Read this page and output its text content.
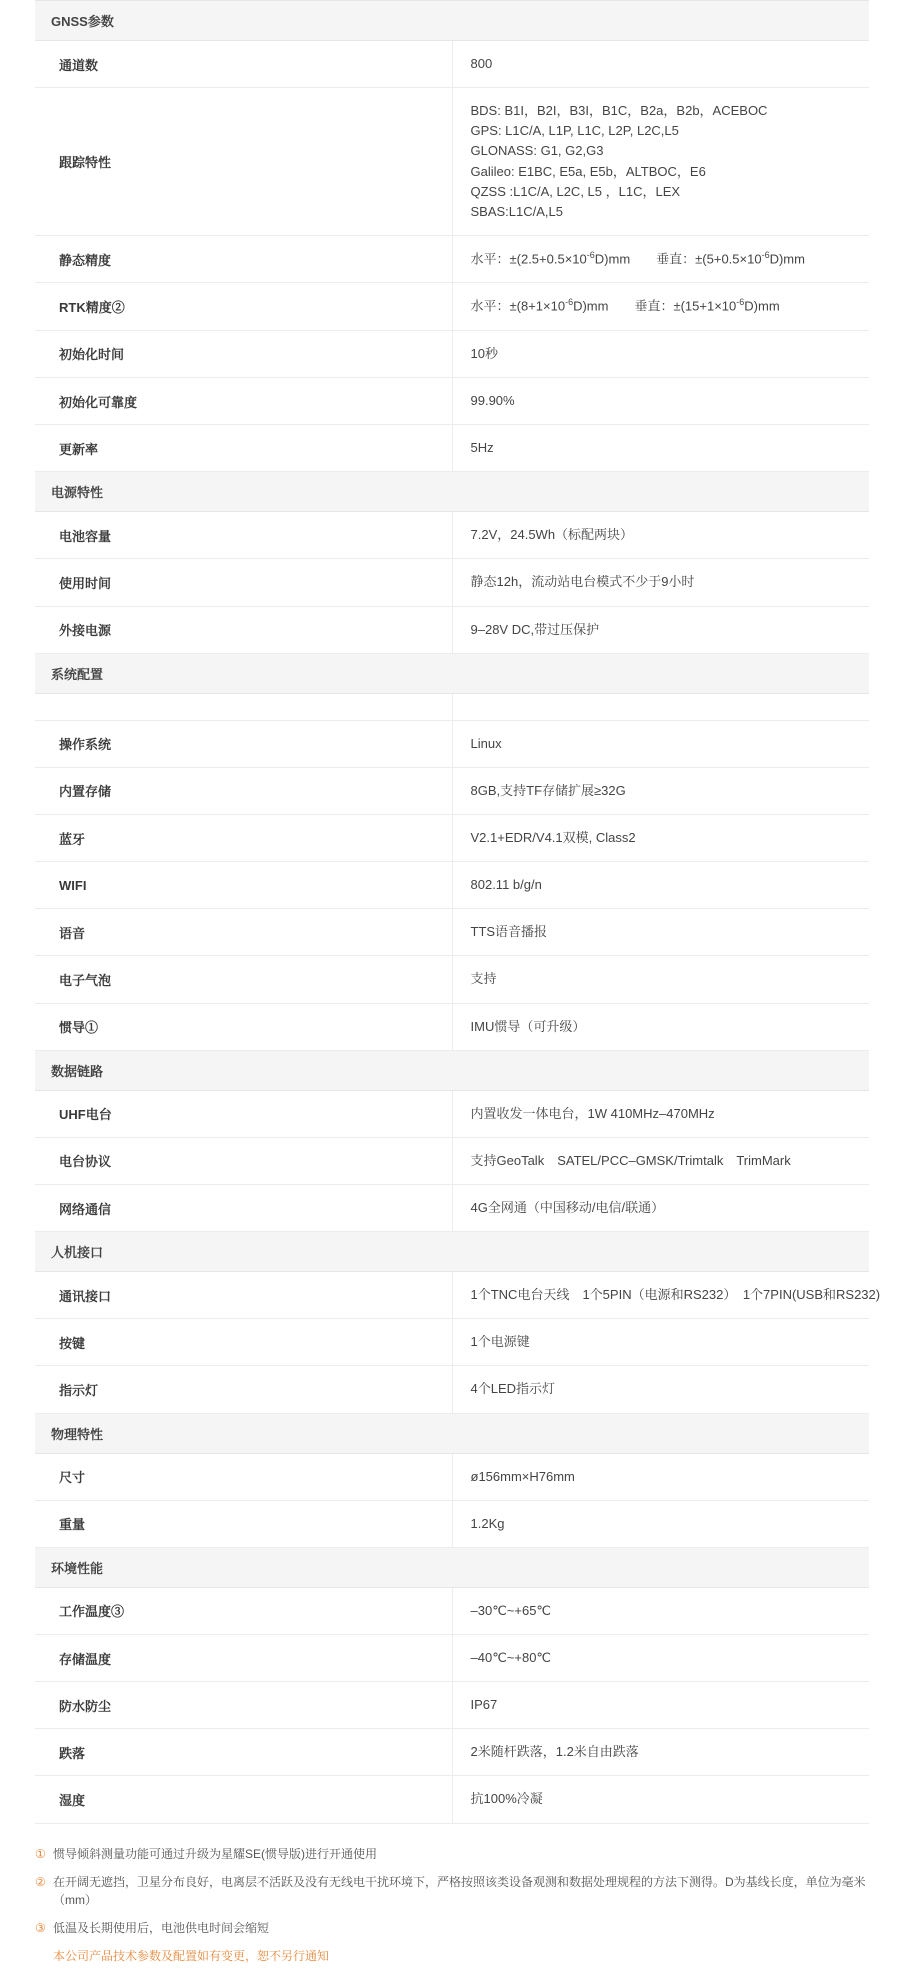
GNSS参数	
通道数	800

跟踪特性	
BDS: B1I，B2I，B3I，B1C，B2a，B2b，ACEBOC
GPS: L1C/A, L1P, L1C, L2P, L2C,L5
GLONASS: G1, G2,G3
Galileo: E1BC, E5a, E5b，ALTBOC，E6
QZSS :L1C/A, L2C, L5 ，L1C，LEX
SBAS:L1C/A,L5

静态精度	水平：$\pm(2.5+0.5\times 10^{-6}D)mm$　　垂直：$\pm(5+0.5\times 10^{-6}D)mm$
RTK精度②	水平：$\pm(8+1\times 10^{-6}D)mm$　　垂直：$\pm(15+1\times 10^{-6}D)mm$
初始化时间	10秒

初始化可靠度	99.90%

更新率	5Hz

电源特性	
电池容量	7.2V，24.5Wh（标配两块）

使用时间	静态12h，流动站电台模式不少于9小时

外接电源	9–28V DC,带过压保护

系统配置	

操作系统	Linux

内置存储	8GB,支持TF存储扩展≥32G

蓝牙	V2.1+EDR/V4.1双模, Class2

WIFI	802.11 b/g/n

语音	TTS语音播报

电子气泡	支持

惯导①	IMU惯导（可升级）

数据链路	
UHF电台	内置收发一体电台，1W 410MHz–470MHz

电台协议	支持GeoTalk　SATEL/PCC–GMSK/Trimtalk　TrimMark

网络通信	4G全网通（中国移动/电信/联通）

人机接口	
通讯接口	1个TNC电台天线　1个5PIN（电源和RS232）　1个7PIN(USB和RS232)

按键	1个电源键

指示灯	4个LED指示灯

物理特性	
尺寸	ø156mm×H76mm

重量	1.2Kg

环境性能	
工作温度③	–30℃~+65℃

存储温度	–40℃~+80℃

防水防尘	IP67

跌落	2米随杆跌落，1.2米自由跌落

湿度	抗100%冷凝
① 惯导倾斜测量功能可通过升级为星耀SE(惯导版)进行开通使用
② 在开阔无遮挡，卫星分布良好，电离层不活跃及没有无线电干扰环境下，严格按照该类设备观测和数据处理规程的方法下测得。D为基线长度，单位为毫米（mm）
③ 低温及长期使用后，电池供电时间会缩短
本公司产品技术参数及配置如有变更，恕不另行通知
